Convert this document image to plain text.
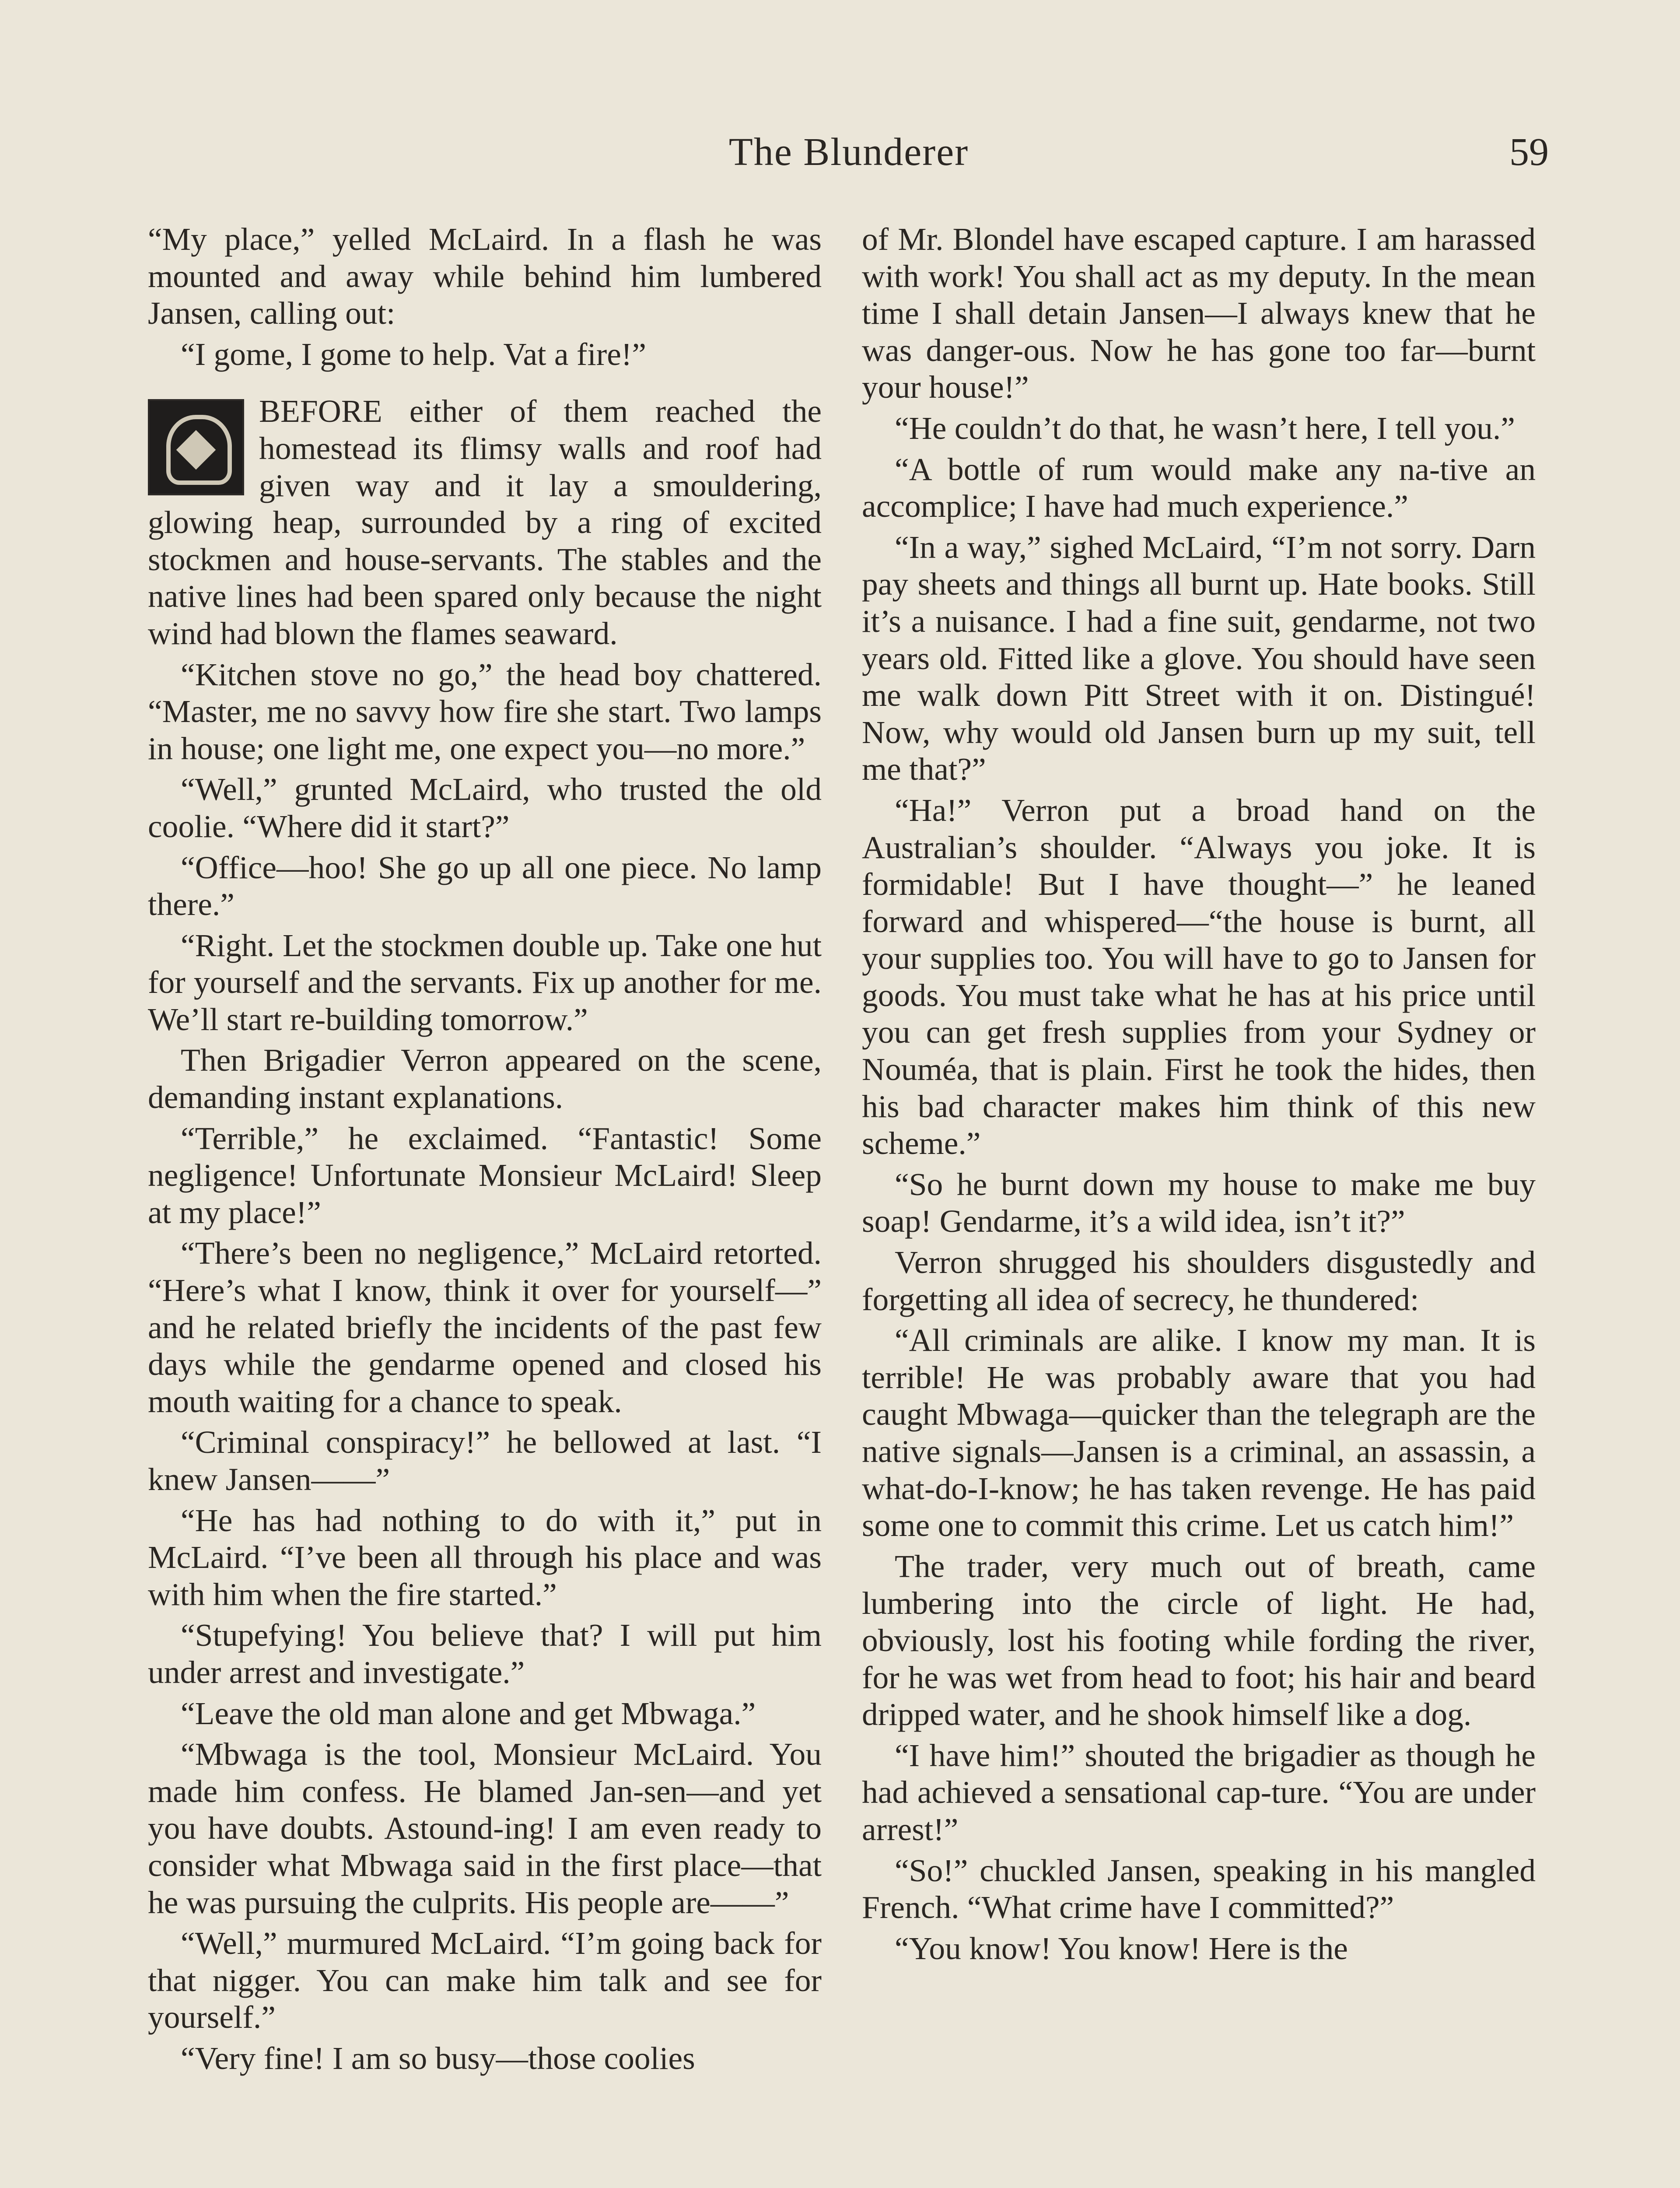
The Blunderer	59

“My place,” yelled McLaird. In a flash he was mounted and away while behind him lumbered Jansen, calling out:

“I gome, I gome to help. Vat a fire!”

BEFORE either of them reached the homestead its flimsy walls and roof had given way and it lay a smouldering, glowing heap, surrounded by a ring of excited stockmen and house-servants. The stables and the native lines had been spared only because the night wind had blown the flames seaward.

“Kitchen stove no go,” the head boy chattered. “Master, me no savvy how fire she start. Two lamps in house; one light me, one expect you—no more.”

“Well,” grunted McLaird, who trusted the old coolie. “Where did it start?”

“Office—hoo! She go up all one piece. No lamp there.”

“Right. Let the stockmen double up. Take one hut for yourself and the servants. Fix up another for me. We’ll start re-building tomorrow.”

Then Brigadier Verron appeared on the scene, demanding instant explanations.

“Terrible,” he exclaimed. “Fantastic! Some negligence! Unfortunate Monsieur McLaird! Sleep at my place!”

“There’s been no negligence,” McLaird retorted. “Here’s what I know, think it over for yourself—” and he related briefly the incidents of the past few days while the gendarme opened and closed his mouth waiting for a chance to speak.

“Criminal conspiracy!” he bellowed at last. “I knew Jansen——”

“He has had nothing to do with it,” put in McLaird. “I’ve been all through his place and was with him when the fire started.”

“Stupefying! You believe that? I will put him under arrest and investigate.”

“Leave the old man alone and get Mbwaga.”

“Mbwaga is the tool, Monsieur McLaird. You made him confess. He blamed Jan-sen—and yet you have doubts. Astound-ing! I am even ready to consider what Mbwaga said in the first place—that he was pursuing the culprits. His people are——”

“Well,” murmured McLaird. “I’m going back for that nigger. You can make him talk and see for yourself.”

“Very fine! I am so busy—those coolies

of Mr. Blondel have escaped capture. I am harassed with work! You shall act as my deputy. In the mean time I shall detain Jansen—I always knew that he was danger-ous. Now he has gone too far—burnt your house!”

“He couldn’t do that, he wasn’t here, I tell you.”

“A bottle of rum would make any na-tive an accomplice; I have had much experience.”

“In a way,” sighed McLaird, “I’m not sorry. Darn pay sheets and things all burnt up. Hate books. Still it’s a nuisance. I had a fine suit, gendarme, not two years old. Fitted like a glove. You should have seen me walk down Pitt Street with it on. Distingué! Now, why would old Jansen burn up my suit, tell me that?”

“Ha!” Verron put a broad hand on the Australian’s shoulder. “Always you joke. It is formidable! But I have thought—” he leaned forward and whispered—“the house is burnt, all your supplies too. You will have to go to Jansen for goods. You must take what he has at his price until you can get fresh supplies from your Sydney or Nouméa, that is plain. First he took the hides, then his bad character makes him think of this new scheme.”

“So he burnt down my house to make me buy soap! Gendarme, it’s a wild idea, isn’t it?”

Verron shrugged his shoulders disgustedly and forgetting all idea of secrecy, he thundered:

“All criminals are alike. I know my man. It is terrible! He was probably aware that you had caught Mbwaga—quicker than the telegraph are the native signals—Jansen is a criminal, an assassin, a what-do-I-know; he has taken revenge. He has paid some one to commit this crime. Let us catch him!”

The trader, very much out of breath, came lumbering into the circle of light. He had, obviously, lost his footing while fording the river, for he was wet from head to foot; his hair and beard dripped water, and he shook himself like a dog.

“I have him!” shouted the brigadier as though he had achieved a sensational cap-ture. “You are under arrest!”

“So!” chuckled Jansen, speaking in his mangled French. “What crime have I committed?”

“You know! You know! Here is the
